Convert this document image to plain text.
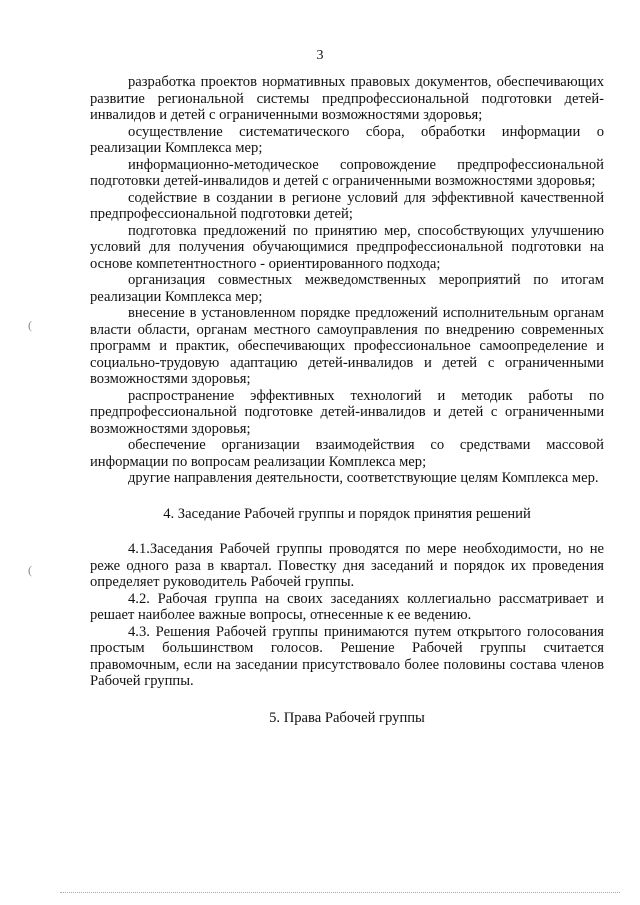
3
(
(

разработка проектов нормативных правовых документов, обеспечивающих развитие региональной системы предпрофессиональной подготовки детей-инвалидов и детей с ограниченными возможностями здоровья;

осуществление систематического сбора, обработки информации о реализации Комплекса мер;

информационно-методическое сопровождение предпрофессиональной подготовки детей-инвалидов и детей с ограниченными возможностями здоровья;

содействие в создании в регионе условий для эффективной качественной предпрофессиональной подготовки детей;

подготовка предложений по принятию мер, способствующих улучшению условий для получения обучающимися предпрофессиональной подготовки на основе компетентностного - ориентированного подхода;

организация совместных межведомственных мероприятий по итогам реализации Комплекса мер;

внесение в установленном порядке предложений исполнительным органам власти области, органам местного самоуправления по внедрению современных программ и практик, обеспечивающих профессиональное самоопределение и социально-трудовую адаптацию детей-инвалидов и детей с ограниченными возможностями здоровья;

распространение эффективных технологий и методик работы по предпрофессиональной подготовке детей-инвалидов и детей с ограниченными возможностями здоровья;

обеспечение организации взаимодействия со средствами массовой информации по вопросам реализации Комплекса мер;

другие направления деятельности, соответствующие целям Комплекса мер.

4. Заседание Рабочей группы и порядок принятия решений

4.1.Заседания Рабочей группы проводятся по мере необходимости, но не реже одного раза в квартал. Повестку дня заседаний и порядок их проведения определяет руководитель Рабочей группы.

4.2. Рабочая группа на своих заседаниях коллегиально рассматривает и решает наиболее важные вопросы, отнесенные к ее ведению.

4.3. Решения Рабочей группы принимаются путем открытого голосования простым большинством голосов. Решение Рабочей группы считается правомочным, если на заседании присутствовало более половины состава членов Рабочей группы.

5. Права Рабочей группы
